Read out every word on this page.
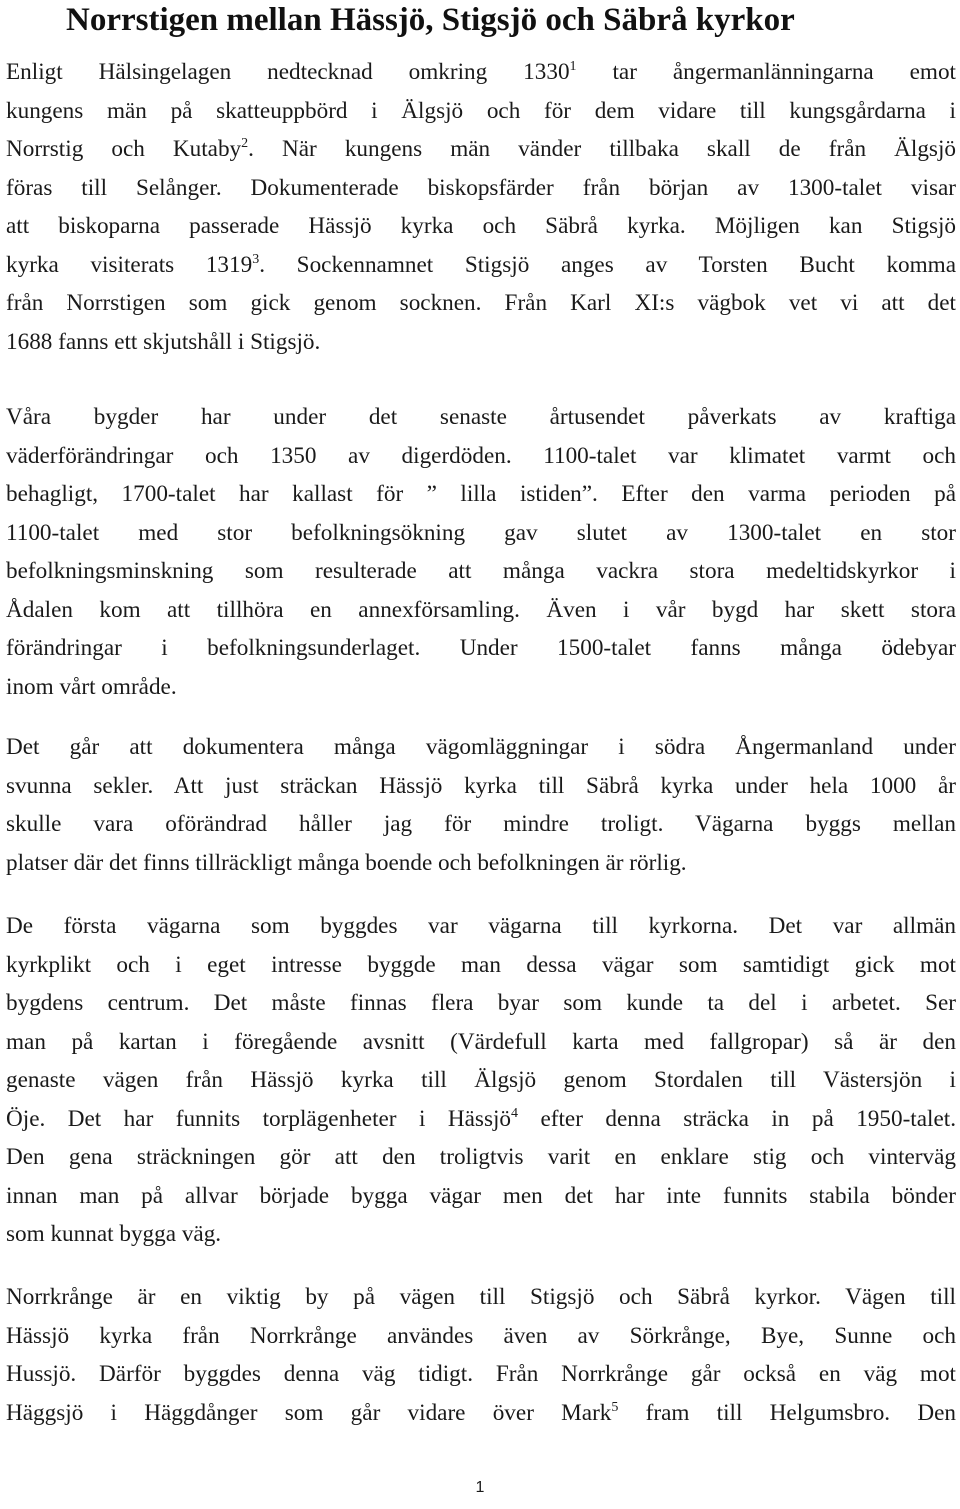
Norrstigen mellan Hässjö, Stigsjö och Säbrå kyrkor
Enligt Hälsingelagen nedtecknad omkring 1330$^1$ tar ångermanlänningarna emot
kungens män på skatteuppbörd i Älgsjö och för dem vidare till kungsgårdarna i
Norrstig och Kutaby$^2$. När kungens män vänder tillbaka skall de från Älgsjö
föras till Selånger. Dokumenterade biskopsfärder från början av 1300-talet visar
att biskoparna passerade Hässjö kyrka och Säbrå kyrka. Möjligen kan Stigsjö
kyrka visiterats 1319$^3$. Sockennamnet Stigsjö anges av Torsten Bucht komma
från Norrstigen som gick genom socknen. Från Karl XI:s vägbok vet vi att det
1688 fanns ett skjutshåll i Stigsjö.
Våra bygder har under det senaste årtusendet påverkats av kraftiga
väderförändringar och 1350 av digerdöden. 1100-talet var klimatet varmt och
behagligt, 1700-talet har kallast för ” lilla istiden”. Efter den varma perioden på
1100-talet med stor befolkningsökning gav slutet av 1300-talet en stor
befolkningsminskning som resulterade att många vackra stora medeltidskyrkor i
Ådalen kom att tillhöra en annexförsamling. Även i vår bygd har skett stora
förändringar i befolkningsunderlaget. Under 1500-talet fanns många ödebyar
inom vårt område.
Det går att dokumentera många vägomläggningar i södra Ångermanland under
svunna sekler. Att just sträckan Hässjö kyrka till Säbrå kyrka under hela 1000 år
skulle vara oförändrad håller jag för mindre troligt. Vägarna byggs mellan
platser där det finns tillräckligt många boende och befolkningen är rörlig.
De första vägarna som byggdes var vägarna till kyrkorna. Det var allmän
kyrkplikt och i eget intresse byggde man dessa vägar som samtidigt gick mot
bygdens centrum. Det måste finnas flera byar som kunde ta del i arbetet. Ser
man på kartan i föregående avsnitt (Värdefull karta med fallgropar) så är den
genaste vägen från Hässjö kyrka till Älgsjö genom Stordalen till Västersjön i
Öje. Det har funnits torplägenheter i Hässjö$^4$ efter denna sträcka in på 1950-talet.
Den gena sträckningen gör att den troligtvis varit en enklare stig och vinterväg
innan man på allvar började bygga vägar men det har inte funnits stabila bönder
som kunnat bygga väg.
Norrkrånge är en viktig by på vägen till Stigsjö och Säbrå kyrkor. Vägen till
Hässjö kyrka från Norrkrånge användes även av Sörkrånge, Bye, Sunne och
Hussjö. Därför byggdes denna väg tidigt. Från Norrkrånge går också en väg mot
Häggsjö i Häggdånger som går vidare över Mark$^5$ fram till Helgumsbro. Den
1
